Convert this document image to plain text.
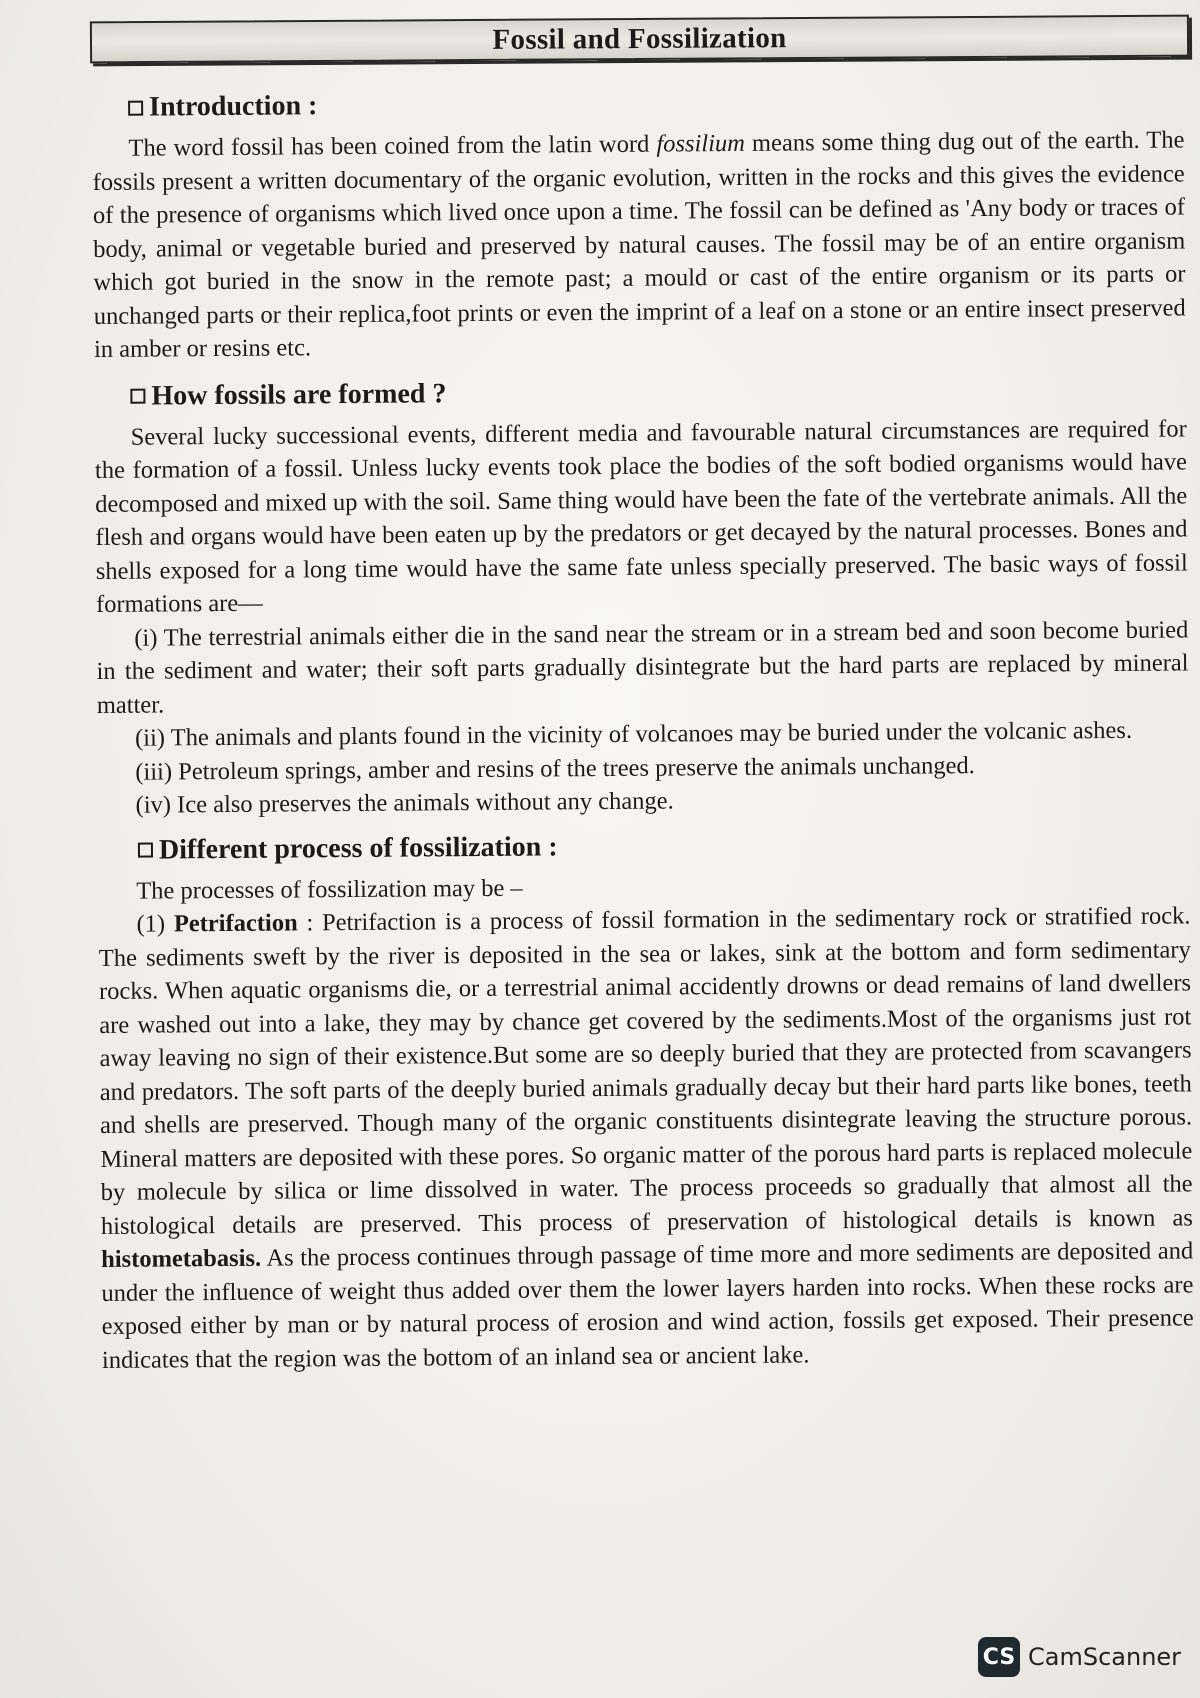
Fossil and Fossilization
Introduction :

The word fossil has been coined from the latin word fossilium means some thing dug out of the earth. The fossils present a written documentary of the organic evolution, written in the rocks and this gives the evidence of the presence of organisms which lived once upon a time. The fossil can be defined as 'Any body or traces of body, animal or vegetable buried and preserved by natural causes. The fossil may be of an entire organism which got buried in the snow in the remote past; a mould or cast of the entire organism or its parts or unchanged parts or their replica,foot prints or even the imprint of a leaf on a stone or an entire insect preserved in amber or resins etc.

How fossils are formed ?

Several lucky successional events, different media and favourable natural circumstances are required for the formation of a fossil. Unless lucky events took place the bodies of the soft bodied organisms would have decomposed and mixed up with the soil. Same thing would have been the fate of the vertebrate animals. All the flesh and organs would have been eaten up by the predators or get decayed by the natural processes. Bones and shells exposed for a long time would have the same fate unless specially preserved. The basic ways of fossil formations are—

(i) The terrestrial animals either die in the sand near the stream or in a stream bed and soon become buried in the sediment and water; their soft parts gradually disintegrate but the hard parts are replaced by mineral matter.

(ii) The animals and plants found in the vicinity of volcanoes may be buried under the volcanic ashes.

(iii) Petroleum springs, amber and resins of the trees preserve the animals unchanged.

(iv) Ice also preserves the animals without any change.

Different process of fossilization :

The processes of fossilization may be –

(1) Petrifaction : Petrifaction is a process of fossil formation in the sedimentary rock or stratified rock. The sediments sweft by the river is deposited in the sea or lakes, sink at the bottom and form sedimentary rocks. When aquatic organisms die, or a terrestrial animal accidently drowns or dead remains of land dwellers are washed out into a lake, they may by chance get covered by the sediments.Most of the organisms just rot away leaving no sign of their existence.But some are so deeply buried that they are protected from scavangers and predators. The soft parts of the deeply buried animals gradually decay but their hard parts like bones, teeth and shells are preserved. Though many of the organic constituents disintegrate leaving the structure porous. Mineral matters are deposited with these pores. So organic matter of the porous hard parts is replaced molecule by molecule by silica or lime dissolved in water. The process proceeds so gradually that almost all the histological details are preserved. This process of preservation of histological details is known as histometabasis. As the process continues through passage of time more and more sediments are deposited and under the influence of weight thus added over them the lower layers harden into rocks. When these rocks are exposed either by man or by natural process of erosion and wind action, fossils get exposed. Their presence indicates that the region was the bottom of an inland sea or ancient lake.

CS CamScanner
